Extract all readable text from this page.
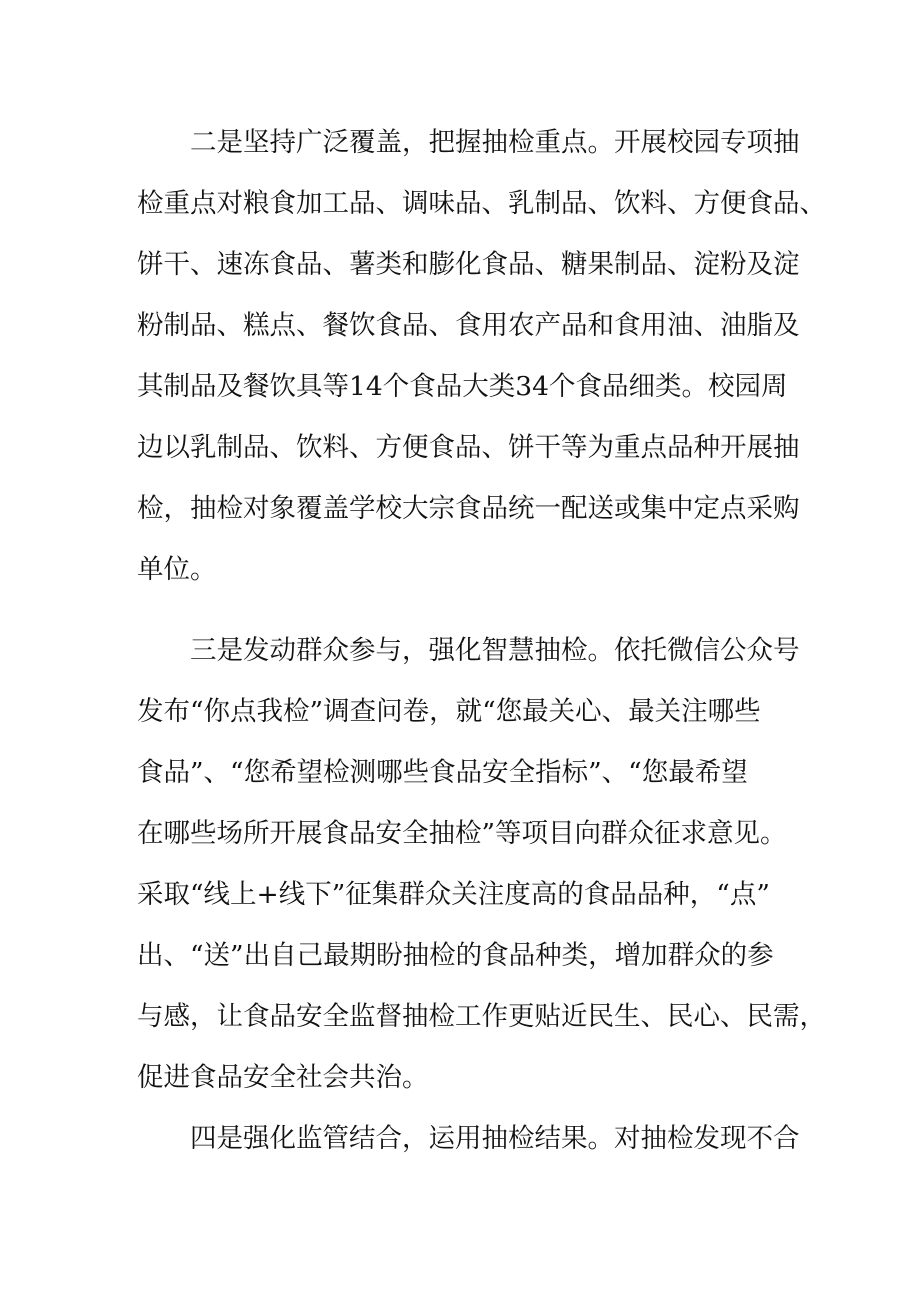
二是坚持广泛覆盖，把握抽检重点。开展校园专项抽
检重点对粮食加工品、调味品、乳制品、饮料、方便食品、
饼干、速冻食品、薯类和膨化食品、糖果制品、淀粉及淀
粉制品、糕点、餐饮食品、食用农产品和食用油、油脂及
其制品及餐饮具等14个食品大类34个食品细类。校园周
边以乳制品、饮料、方便食品、饼干等为重点品种开展抽
检，抽检对象覆盖学校大宗食品统一配送或集中定点采购
单位。
三是发动群众参与，强化智慧抽检。依托微信公众号
发布“你点我检”调查问卷，就“您最关心、最关注哪些
食品”、“您希望检测哪些食品安全指标”、“您最希望
在哪些场所开展食品安全抽检”等项目向群众征求意见。
采取“线上+线下”征集群众关注度高的食品品种，“点”
出、“送”出自己最期盼抽检的食品种类，增加群众的参
与感，让食品安全监督抽检工作更贴近民生、民心、民需，
促进食品安全社会共治。
四是强化监管结合，运用抽检结果。对抽检发现不合
